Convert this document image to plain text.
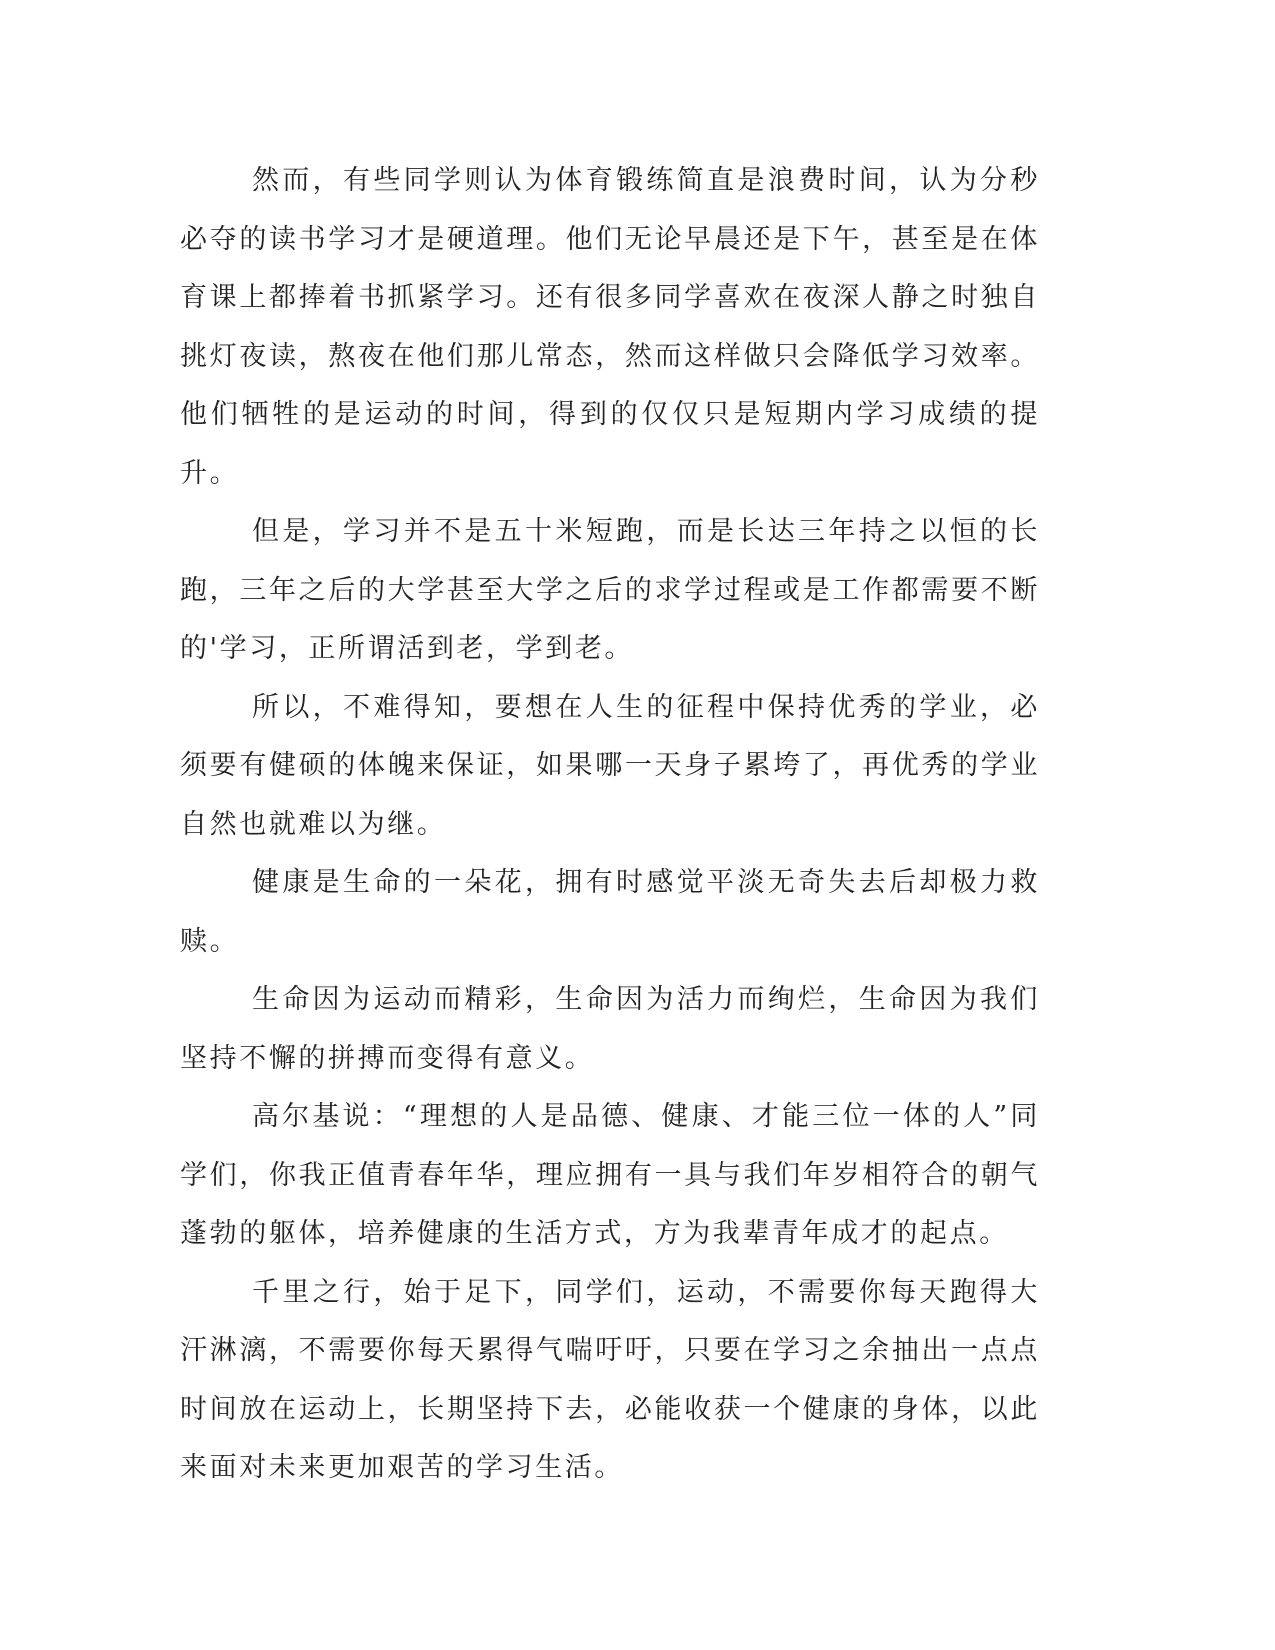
然而，有些同学则认为体育锻练简直是浪费时间，认为分秒必夺的读书学习才是硬道理。他们无论早晨还是下午，甚至是在体育课上都捧着书抓紧学习。还有很多同学喜欢在夜深人静之时独自挑灯夜读，熬夜在他们那儿常态，然而这样做只会降低学习效率。他们牺牲的是运动的时间，得到的仅仅只是短期内学习成绩的提升。

但是，学习并不是五十米短跑，而是长达三年持之以恒的长跑，三年之后的大学甚至大学之后的求学过程或是工作都需要不断的'学习，正所谓活到老，学到老。

所以，不难得知，要想在人生的征程中保持优秀的学业，必须要有健硕的体魄来保证，如果哪一天身子累垮了，再优秀的学业自然也就难以为继。

健康是生命的一朵花，拥有时感觉平淡无奇失去后却极力救赎。

生命因为运动而精彩，生命因为活力而绚烂，生命因为我们坚持不懈的拼搏而变得有意义。

高尔基说：“理想的人是品德、健康、才能三位一体的人”同学们，你我正值青春年华，理应拥有一具与我们年岁相符合的朝气蓬勃的躯体，培养健康的生活方式，方为我辈青年成才的起点。

千里之行，始于足下，同学们，运动，不需要你每天跑得大汗淋漓，不需要你每天累得气喘吁吁，只要在学习之余抽出一点点时间放在运动上，长期坚持下去，必能收获一个健康的身体，以此来面对未来更加艰苦的学习生活。
